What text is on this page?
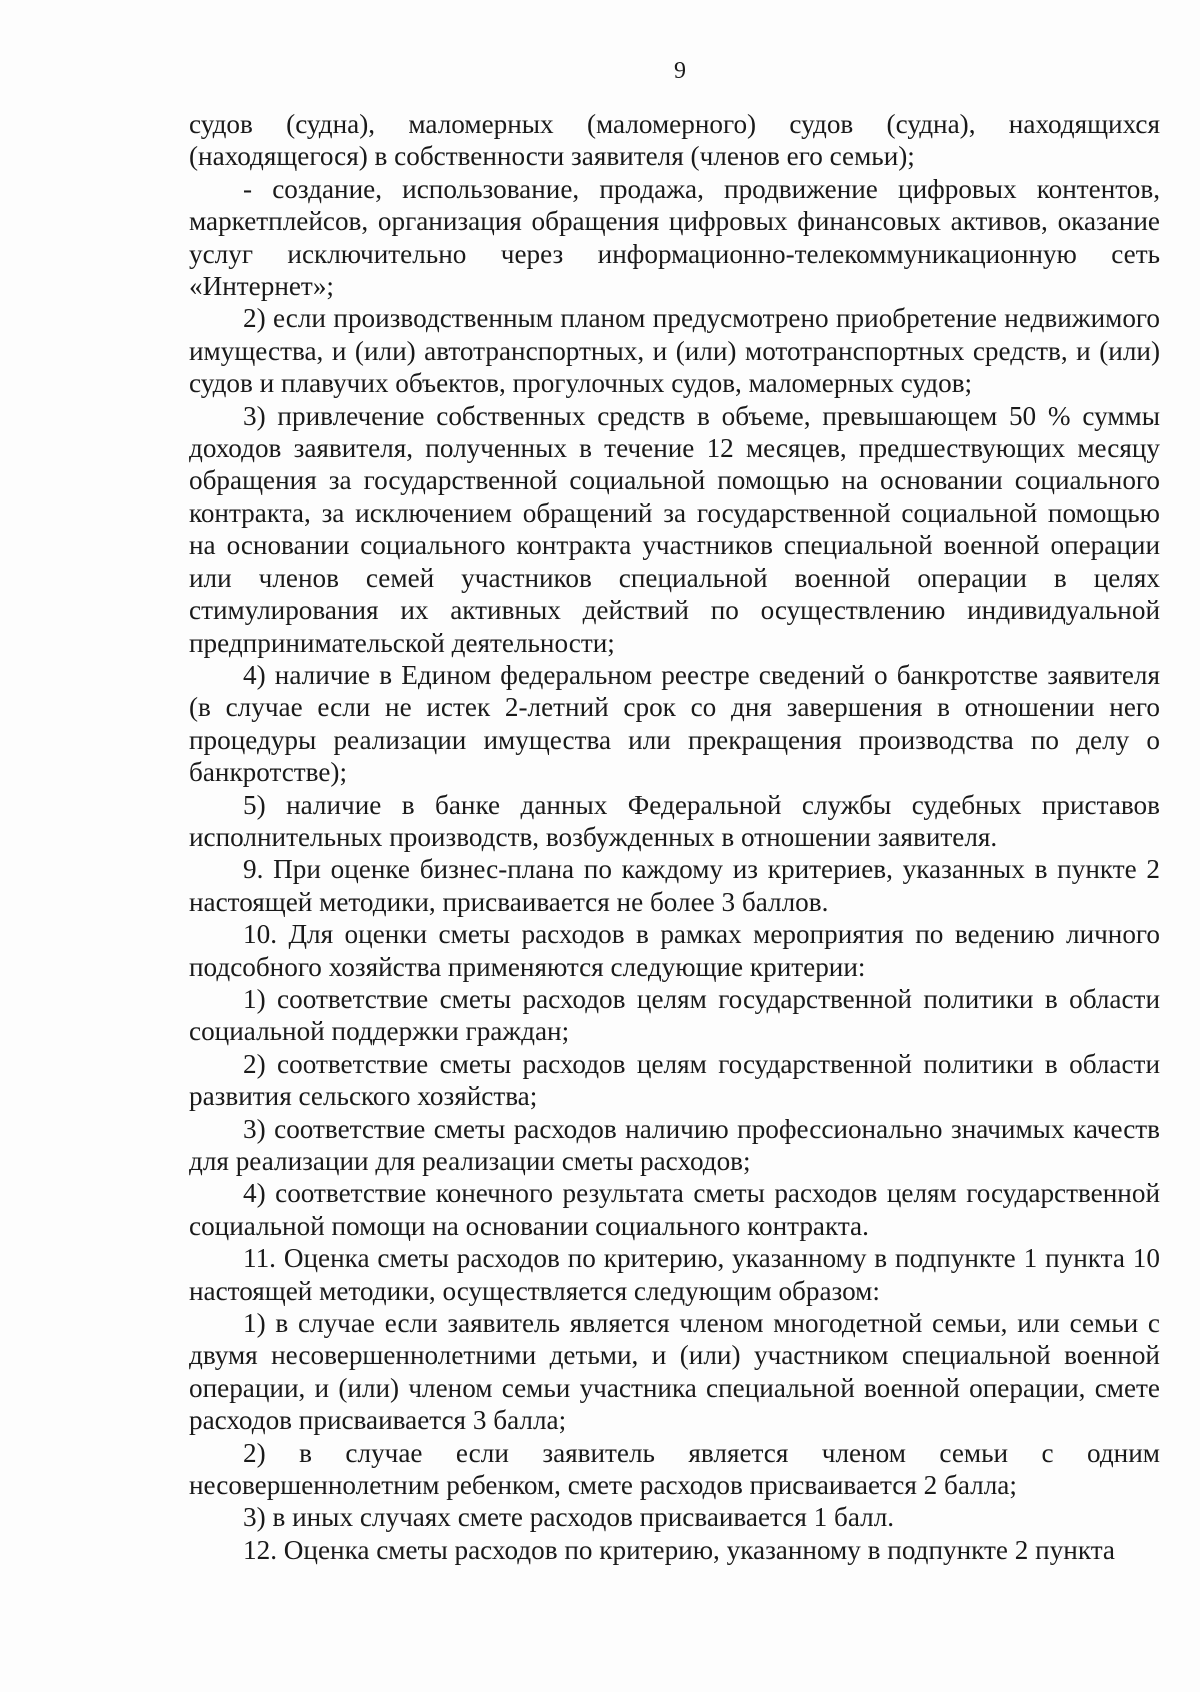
9

судов (судна), маломерных (маломерного) судов (судна), находящихся (находящегося) в собственности заявителя (членов его семьи);

- создание, использование, продажа, продвижение цифровых контентов, маркетплейсов, организация обращения цифровых финансовых активов, оказание услуг исключительно через информационно-телекоммуникационную сеть «Интернет»;

2) если производственным планом предусмотрено приобретение недвижимого имущества, и (или) автотранспортных, и (или) мототранспортных средств, и (или) судов и плавучих объектов, прогулочных судов, маломерных судов;

3) привлечение собственных средств в объеме, превышающем 50 % суммы доходов заявителя, полученных в течение 12 месяцев, предшествующих месяцу обращения за государственной социальной помощью на основании социального контракта, за исключением обращений за государственной социальной помощью на основании социального контракта участников специальной военной операции или членов семей участников специальной военной операции в целях стимулирования их активных действий по осуществлению индивидуальной предпринимательской деятельности;

4) наличие в Едином федеральном реестре сведений о банкротстве заявителя (в случае если не истек 2-летний срок со дня завершения в отношении него процедуры реализации имущества или прекращения производства по делу о банкротстве);

5) наличие в банке данных Федеральной службы судебных приставов исполнительных производств, возбужденных в отношении заявителя.

9. При оценке бизнес-плана по каждому из критериев, указанных в пункте 2 настоящей методики, присваивается не более 3 баллов.

10. Для оценки сметы расходов в рамках мероприятия по ведению личного подсобного хозяйства применяются следующие критерии:

1) соответствие сметы расходов целям государственной политики в области социальной поддержки граждан;

2) соответствие сметы расходов целям государственной политики в области развития сельского хозяйства;

3) соответствие сметы расходов наличию профессионально значимых качеств для реализации для реализации сметы расходов;

4) соответствие конечного результата сметы расходов целям государственной социальной помощи на основании социального контракта.

11. Оценка сметы расходов по критерию, указанному в подпункте 1 пункта 10 настоящей методики, осуществляется следующим образом:

1) в случае если заявитель является членом многодетной семьи, или семьи с двумя несовершеннолетними детьми, и (или) участником специальной военной операции, и (или) членом семьи участника специальной военной операции, смете расходов присваивается 3 балла;

2) в случае если заявитель является членом семьи с одним несовершеннолетним ребенком, смете расходов присваивается 2 балла;

3) в иных случаях смете расходов присваивается 1 балл.

12. Оценка сметы расходов по критерию, указанному в подпункте 2 пункта
